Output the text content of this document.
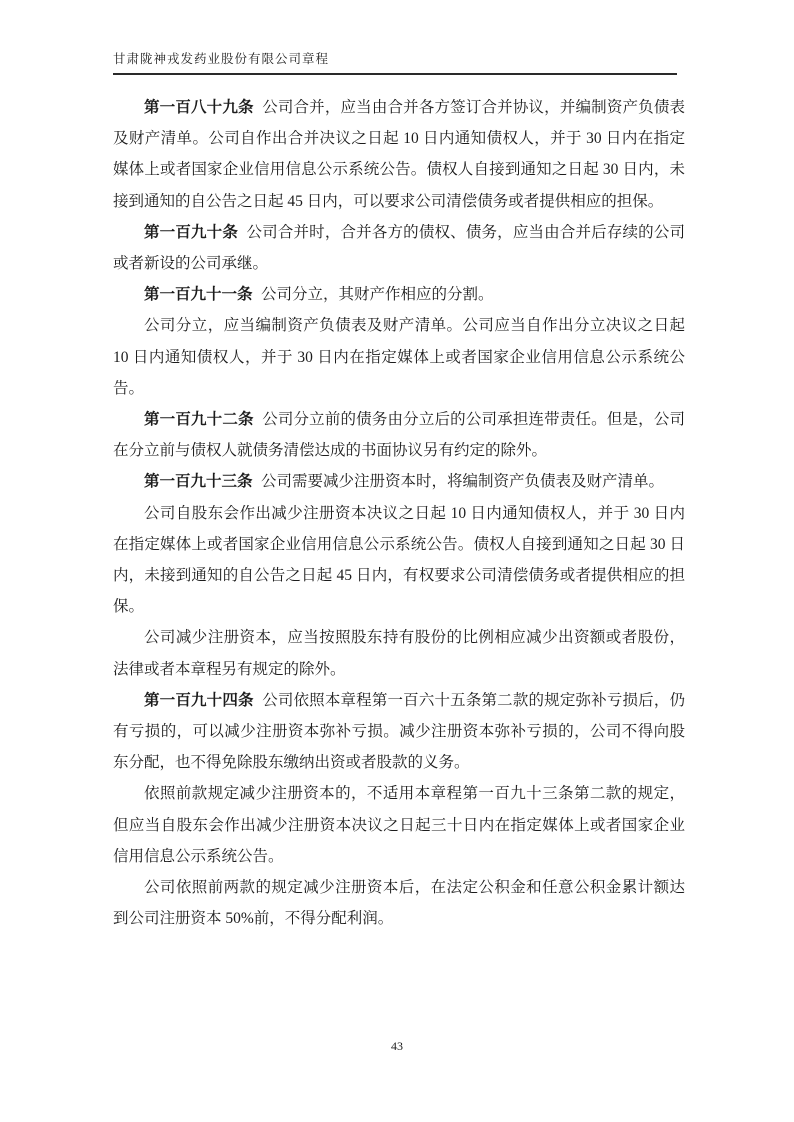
甘肃陇神戎发药业股份有限公司章程

第一百八十九条 公司合并，应当由合并各方签订合并协议，并编制资产负债表及财产清单。公司自作出合并决议之日起 10 日内通知债权人，并于 30 日内在指定媒体上或者国家企业信用信息公示系统公告。债权人自接到通知之日起 30 日内，未接到通知的自公告之日起 45 日内，可以要求公司清偿债务或者提供相应的担保。

第一百九十条 公司合并时，合并各方的债权、债务，应当由合并后存续的公司或者新设的公司承继。

第一百九十一条 公司分立，其财产作相应的分割。

公司分立，应当编制资产负债表及财产清单。公司应当自作出分立决议之日起 10 日内通知债权人，并于 30 日内在指定媒体上或者国家企业信用信息公示系统公告。

第一百九十二条 公司分立前的债务由分立后的公司承担连带责任。但是，公司在分立前与债权人就债务清偿达成的书面协议另有约定的除外。

第一百九十三条 公司需要减少注册资本时，将编制资产负债表及财产清单。

公司自股东会作出减少注册资本决议之日起 10 日内通知债权人，并于 30 日内在指定媒体上或者国家企业信用信息公示系统公告。债权人自接到通知之日起 30 日内，未接到通知的自公告之日起 45 日内，有权要求公司清偿债务或者提供相应的担保。

公司减少注册资本，应当按照股东持有股份的比例相应减少出资额或者股份，法律或者本章程另有规定的除外。

第一百九十四条 公司依照本章程第一百六十五条第二款的规定弥补亏损后，仍有亏损的，可以减少注册资本弥补亏损。减少注册资本弥补亏损的，公司不得向股东分配，也不得免除股东缴纳出资或者股款的义务。

依照前款规定减少注册资本的，不适用本章程第一百九十三条第二款的规定，但应当自股东会作出减少注册资本决议之日起三十日内在指定媒体上或者国家企业信用信息公示系统公告。

公司依照前两款的规定减少注册资本后，在法定公积金和任意公积金累计额达到公司注册资本 50%前，不得分配利润。

43
